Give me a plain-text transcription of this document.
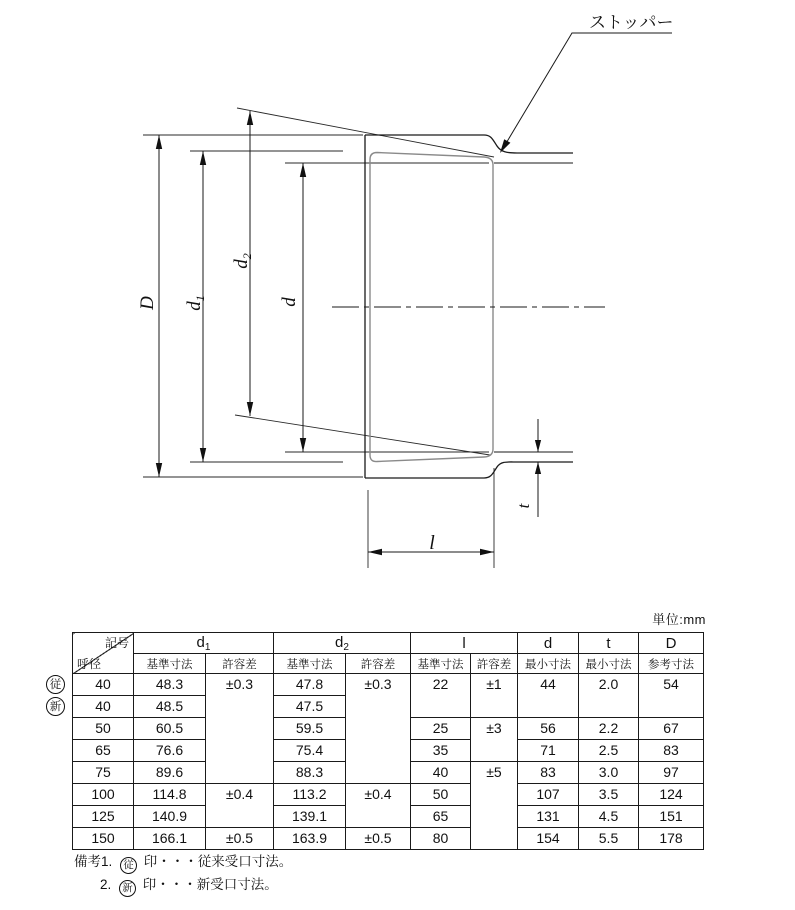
ストッパー
D $d_1$
$d_2$
d
l
t
単位:mm
記号
呼径	$d_1$		$d_2$		l		d	t	D
	基準寸法	許容差	基準寸法	許容差	基準寸法	許容差	最小寸法	最小寸法	参考寸法
40	48.3	±0.3	47.8	±0.3	22	±1	44	2.0	54
40	48.5		47.5						
50	60.5		59.5		25	±3	56	2.2	67
65	76.6		75.4		35		71	2.5	83
75	89.6		88.3		40	±5	83	3.0	97
100	114.8	±0.4	113.2	±0.4	50		107	3.5	124
125	140.9		139.1		65		131	4.5	151
150	166.1	±0.5	163.9	±0.5	80		154	5.5	178
従
新
備考1. 従 印・・・従来受口寸法。
2. 新 印・・・新受口寸法。
